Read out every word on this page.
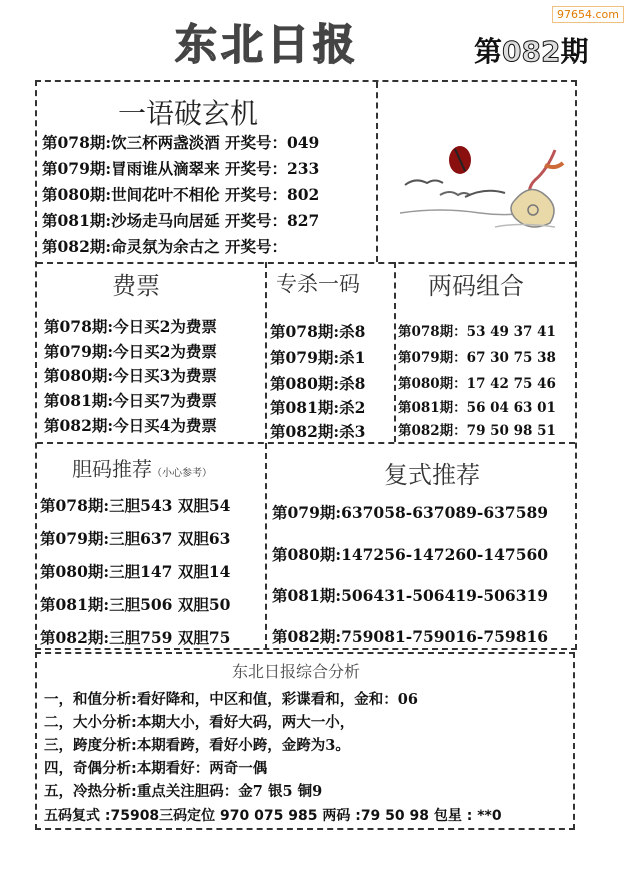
97654.com
东北日报	第082期
一语破玄机
第078期:饮三杯两盏淡酒 开奖号：049
第079期:冒雨谁从滴翠来 开奖号：233
第080期:世间花叶不相伦 开奖号：802
第081期:沙场走马向居延 开奖号：827
第082期:命灵氛为余古之 开奖号：
费票
第078期:今日买2为费票
第079期:今日买2为费票
第080期:今日买3为费票
第081期:今日买7为费票
第082期:今日买4为费票
专杀一码
第078期:杀8
第079期:杀1
第080期:杀8
第081期:杀2
第082期:杀3
两码组合
第078期：53 49 37 41
第079期：67 30 75 38
第080期：17 42 75 46
第081期：56 04 63 01
第082期：79 50 98 51
胆码推荐（小心参考）
第078期:三胆543 双胆54
第079期:三胆637 双胆63
第080期:三胆147 双胆14
第081期:三胆506 双胆50
第082期:三胆759 双胆75
复式推荐
第079期:637058-637089-637589
第080期:147256-147260-147560
第081期:506431-506419-506319
第082期:759081-759016-759816
东北日报综合分析
一，和值分析:看好降和，中区和值，彩谍看和，金和：06
二，大小分析:本期大小，看好大码，两大一小，
三，跨度分析:本期看跨，看好小跨，金跨为3。
四，奇偶分析:本期看好：两奇一偶
五，冷热分析:重点关注胆码：金7 银5 铜9
五码复式 :75908三码定位 970 075 985 两码 :79 50 98 包星 : **0
